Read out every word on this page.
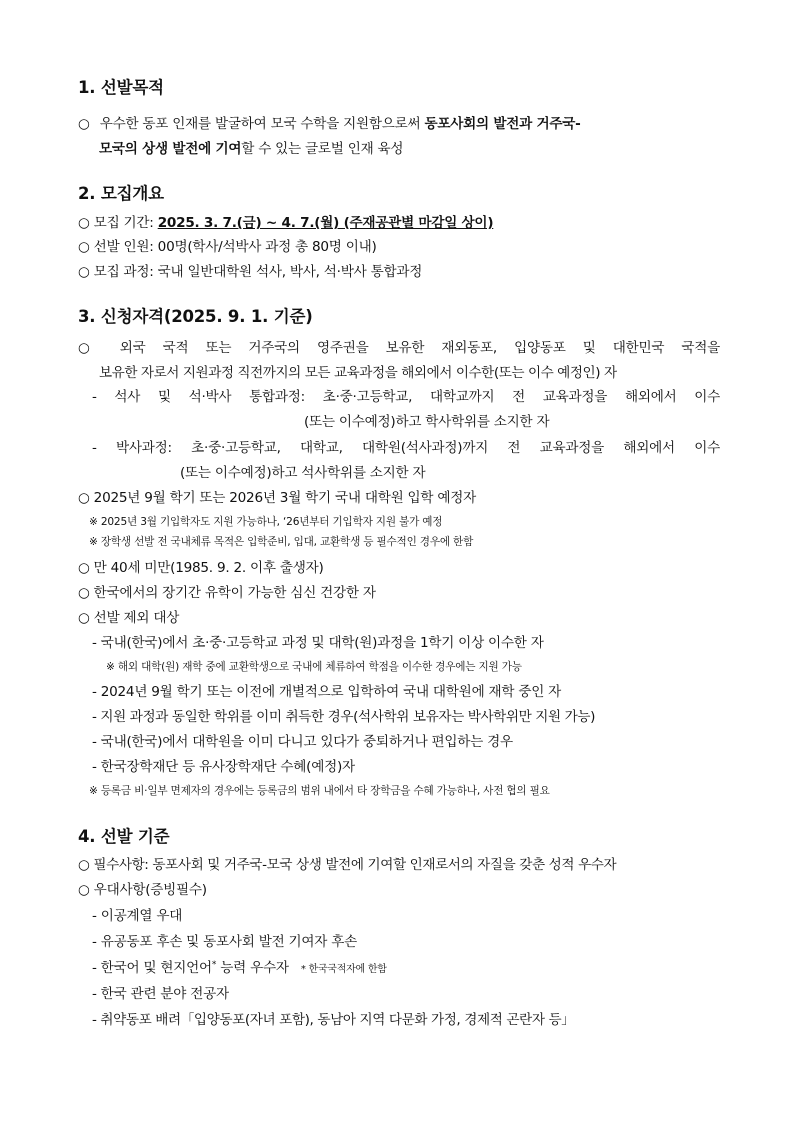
1. 선발목적
○ 우수한 동포 인재를 발굴하여 모국 수학을 지원함으로써 동포사회의 발전과 거주국-
모국의 상생 발전에 기여할 수 있는 글로벌 인재 육성
2. 모집개요
○ 모집 기간: 2025. 3. 7.(금) ~ 4. 7.(월) (주재공관별 마감일 상이)
○ 선발 인원: 00명(학사/석박사 과정 총 80명 이내)
○ 모집 과정: 국내 일반대학원 석사, 박사, 석·박사 통합과정
3. 신청자격(2025. 9. 1. 기준)
○ 외국 국적 또는 거주국의 영주권을 보유한 재외동포, 입양동포 및 대한민국 국적을
보유한 자로서 지원과정 직전까지의 모든 교육과정을 해외에서 이수한(또는 이수 예정인) 자
- 석사 및 석·박사 통합과정: 초·중·고등학교, 대학교까지 전 교육과정을 해외에서 이수
(또는 이수예정)하고 학사학위를 소지한 자
- 박사과정: 초·중·고등학교, 대학교, 대학원(석사과정)까지 전 교육과정을 해외에서 이수
(또는 이수예정)하고 석사학위를 소지한 자
○ 2025년 9월 학기 또는 2026년 3월 학기 국내 대학원 입학 예정자
※ 2025년 3월 기입학자도 지원 가능하나, ‘26년부터 기입학자 지원 불가 예정
※ 장학생 선발 전 국내체류 목적은 입학준비, 입대, 교환학생 등 필수적인 경우에 한함
○ 만 40세 미만(1985. 9. 2. 이후 출생자)
○ 한국에서의 장기간 유학이 가능한 심신 건강한 자
○ 선발 제외 대상
- 국내(한국)에서 초·중·고등학교 과정 및 대학(원)과정을 1학기 이상 이수한 자
※ 해외 대학(원) 재학 중에 교환학생으로 국내에 체류하여 학점을 이수한 경우에는 지원 가능
- 2024년 9월 학기 또는 이전에 개별적으로 입학하여 국내 대학원에 재학 중인 자
- 지원 과정과 동일한 학위를 이미 취득한 경우(석사학위 보유자는 박사학위만 지원 가능)
- 국내(한국)에서 대학원을 이미 다니고 있다가 중퇴하거나 편입하는 경우
- 한국장학재단 등 유사장학재단 수혜(예정)자
※ 등록금 비·일부 면제자의 경우에는 등록금의 범위 내에서 타 장학금을 수혜 가능하나, 사전 협의 필요
4. 선발 기준
○ 필수사항: 동포사회 및 거주국-모국 상생 발전에 기여할 인재로서의 자질을 갖춘 성적 우수자
○ 우대사항(증빙필수)
- 이공계열 우대
- 유공동포 후손 및 동포사회 발전 기여자 후손
- 한국어 및 현지언어* 능력 우수자 * 한국국적자에 한함
- 한국 관련 분야 전공자
- 취약동포 배려「입양동포(자녀 포함), 동남아 지역 다문화 가정, 경제적 곤란자 등」
